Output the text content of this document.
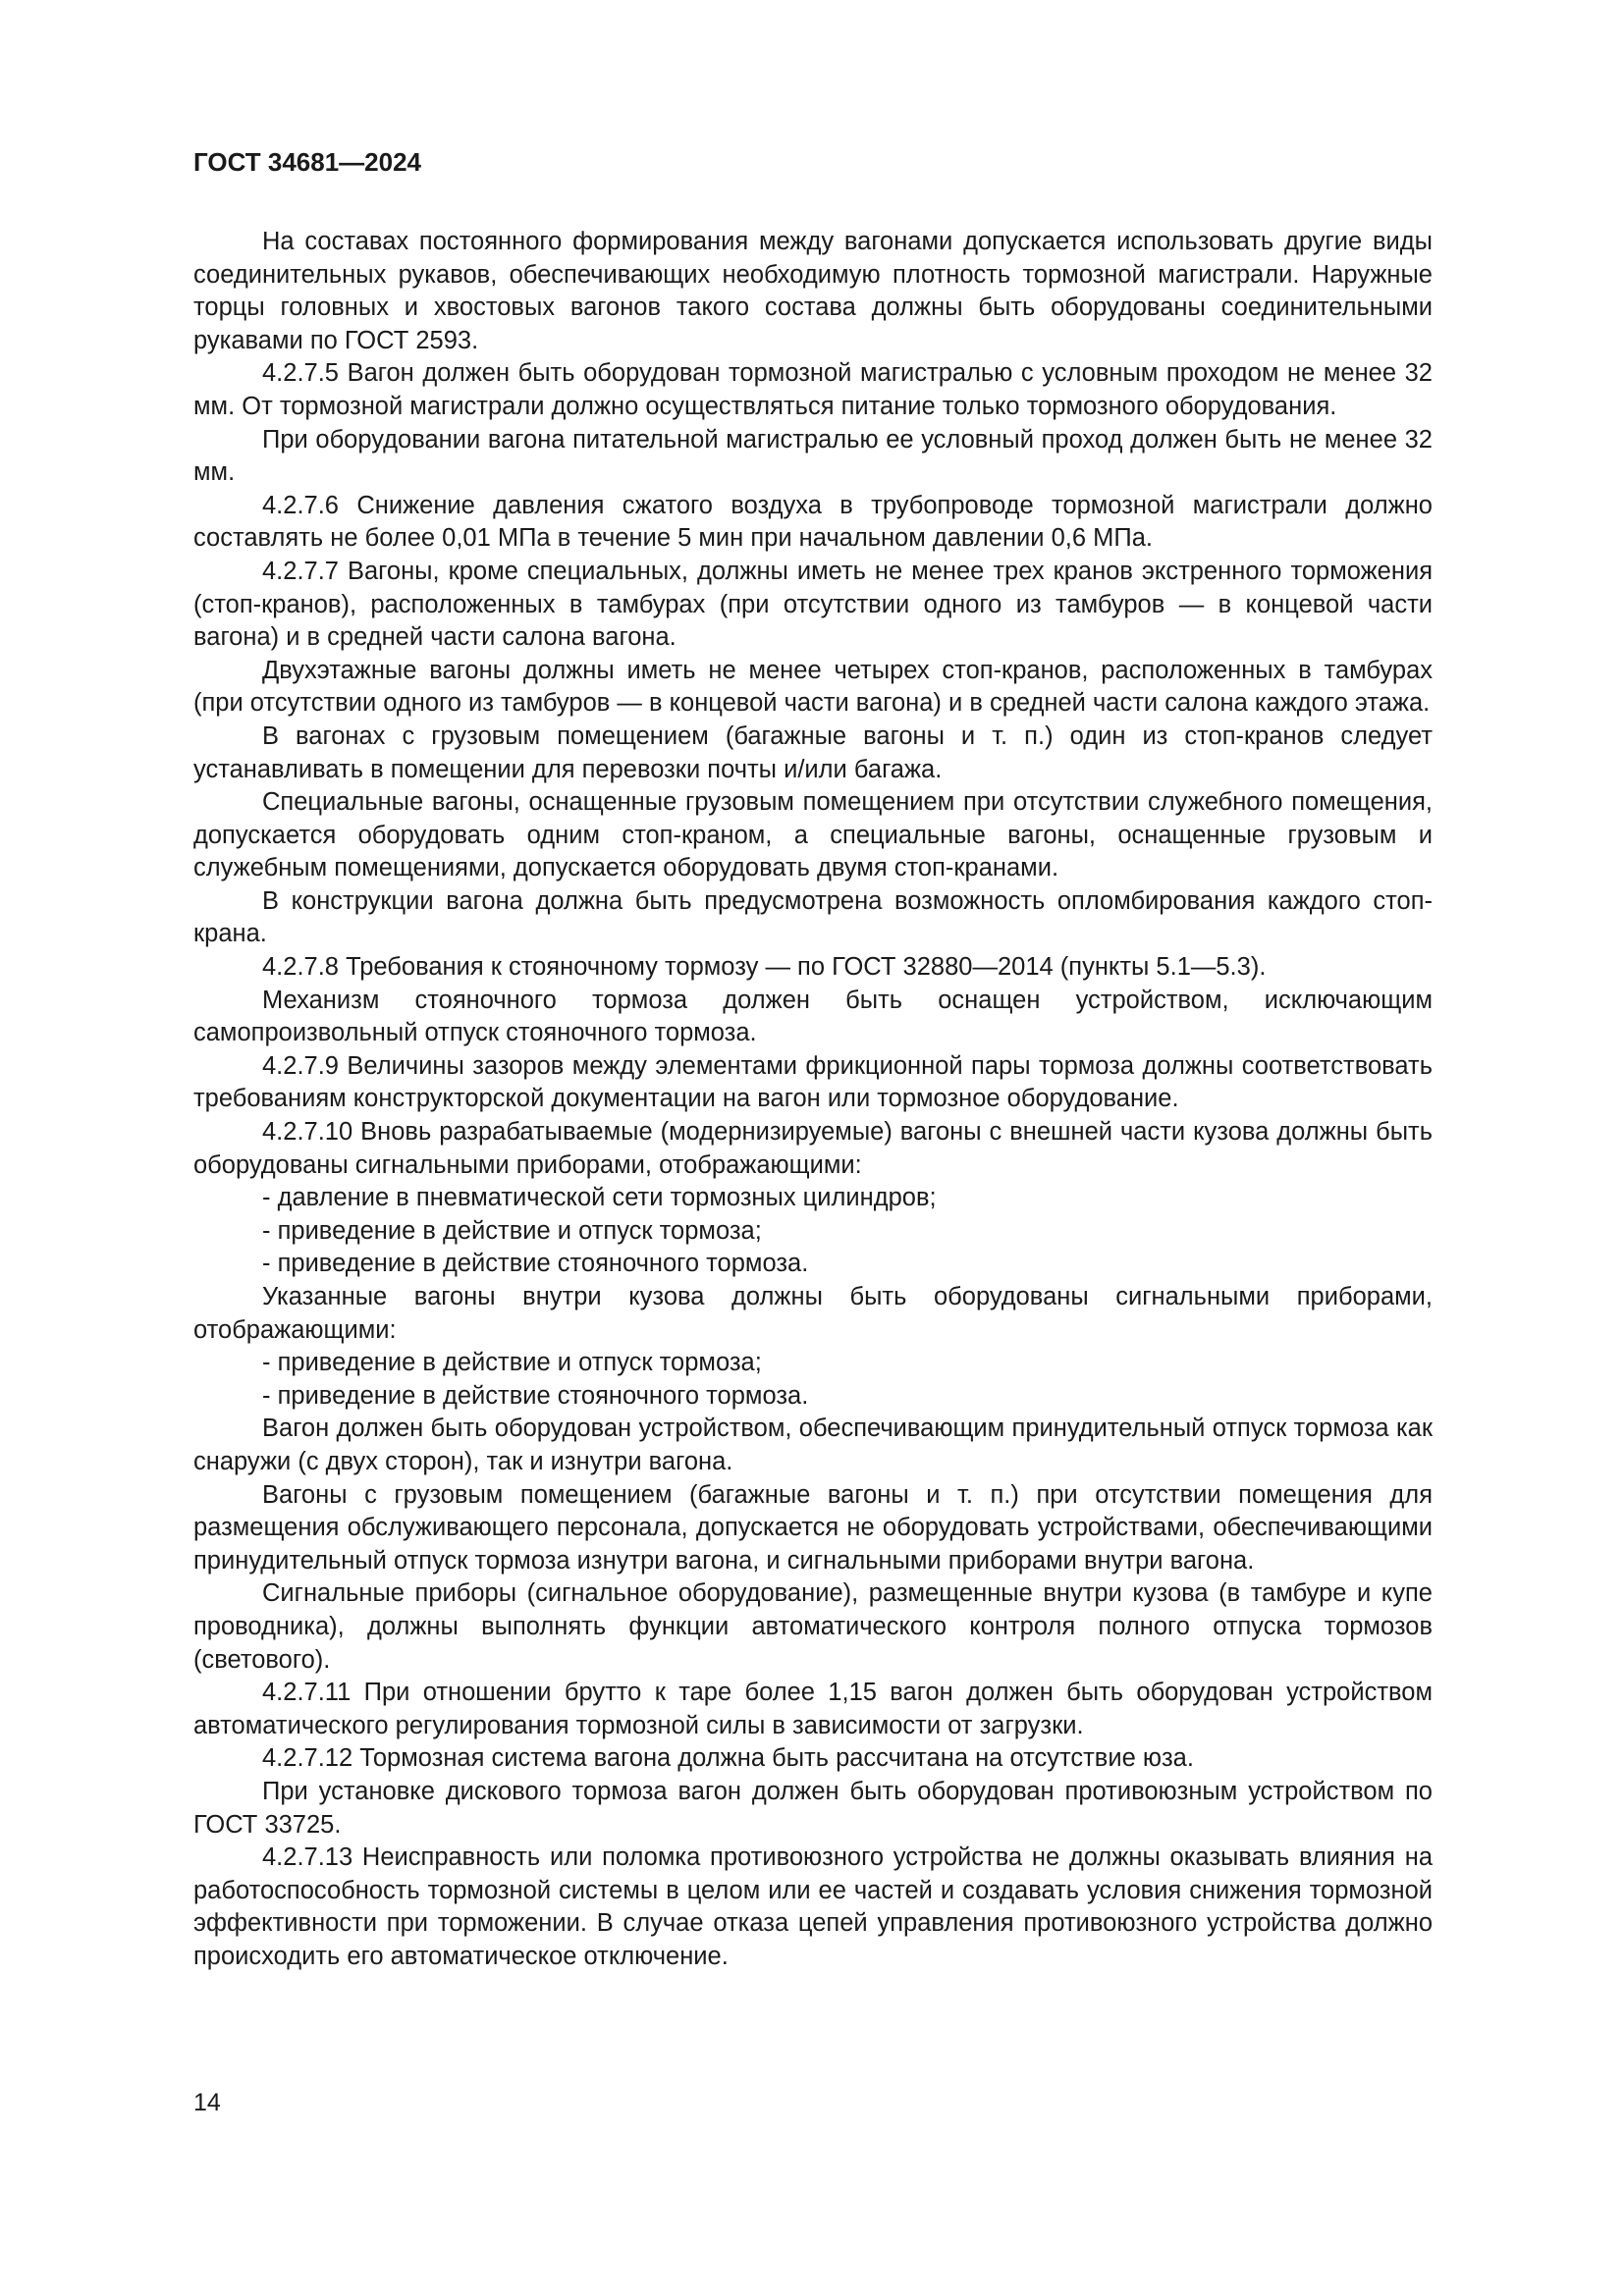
ГОСТ 34681—2024

На составах постоянного формирования между вагонами допускается использовать другие виды соединительных рукавов, обеспечивающих необходимую плотность тормозной магистрали. Наружные торцы головных и хвостовых вагонов такого состава должны быть оборудованы соединительными рукавами по ГОСТ 2593.

4.2.7.5 Вагон должен быть оборудован тормозной магистралью с условным проходом не менее 32 мм. От тормозной магистрали должно осуществляться питание только тормозного оборудования.

При оборудовании вагона питательной магистралью ее условный проход должен быть не менее 32 мм.

4.2.7.6 Снижение давления сжатого воздуха в трубопроводе тормозной магистрали должно составлять не более 0,01 МПа в течение 5 мин при начальном давлении 0,6 МПа.

4.2.7.7 Вагоны, кроме специальных, должны иметь не менее трех кранов экстренного торможения (стоп-кранов), расположенных в тамбурах (при отсутствии одного из тамбуров — в концевой части вагона) и в средней части салона вагона.

Двухэтажные вагоны должны иметь не менее четырех стоп-кранов, расположенных в тамбурах (при отсутствии одного из тамбуров — в концевой части вагона) и в средней части салона каждого этажа.

В вагонах с грузовым помещением (багажные вагоны и т. п.) один из стоп-кранов следует устанавливать в помещении для перевозки почты и/или багажа.

Специальные вагоны, оснащенные грузовым помещением при отсутствии служебного помещения, допускается оборудовать одним стоп-краном, а специальные вагоны, оснащенные грузовым и служебным помещениями, допускается оборудовать двумя стоп-кранами.

В конструкции вагона должна быть предусмотрена возможность опломбирования каждого стоп-крана.

4.2.7.8 Требования к стояночному тормозу — по ГОСТ 32880—2014 (пункты 5.1—5.3).

Механизм стояночного тормоза должен быть оснащен устройством, исключающим самопроизвольный отпуск стояночного тормоза.

4.2.7.9 Величины зазоров между элементами фрикционной пары тормоза должны соответствовать требованиям конструкторской документации на вагон или тормозное оборудование.

4.2.7.10 Вновь разрабатываемые (модернизируемые) вагоны с внешней части кузова должны быть оборудованы сигнальными приборами, отображающими:

- давление в пневматической сети тормозных цилиндров;

- приведение в действие и отпуск тормоза;

- приведение в действие стояночного тормоза.

Указанные вагоны внутри кузова должны быть оборудованы сигнальными приборами, отображающими:

- приведение в действие и отпуск тормоза;

- приведение в действие стояночного тормоза.

Вагон должен быть оборудован устройством, обеспечивающим принудительный отпуск тормоза как снаружи (с двух сторон), так и изнутри вагона.

Вагоны с грузовым помещением (багажные вагоны и т. п.) при отсутствии помещения для размещения обслуживающего персонала, допускается не оборудовать устройствами, обеспечивающими принудительный отпуск тормоза изнутри вагона, и сигнальными приборами внутри вагона.

Сигнальные приборы (сигнальное оборудование), размещенные внутри кузова (в тамбуре и купе проводника), должны выполнять функции автоматического контроля полного отпуска тормозов (светового).

4.2.7.11 При отношении брутто к таре более 1,15 вагон должен быть оборудован устройством автоматического регулирования тормозной силы в зависимости от загрузки.

4.2.7.12 Тормозная система вагона должна быть рассчитана на отсутствие юза.

При установке дискового тормоза вагон должен быть оборудован противоюзным устройством по ГОСТ 33725.

4.2.7.13 Неисправность или поломка противоюзного устройства не должны оказывать влияния на работоспособность тормозной системы в целом или ее частей и создавать условия снижения тормозной эффективности при торможении. В случае отказа цепей управления противоюзного устройства должно происходить его автоматическое отключение.

14
